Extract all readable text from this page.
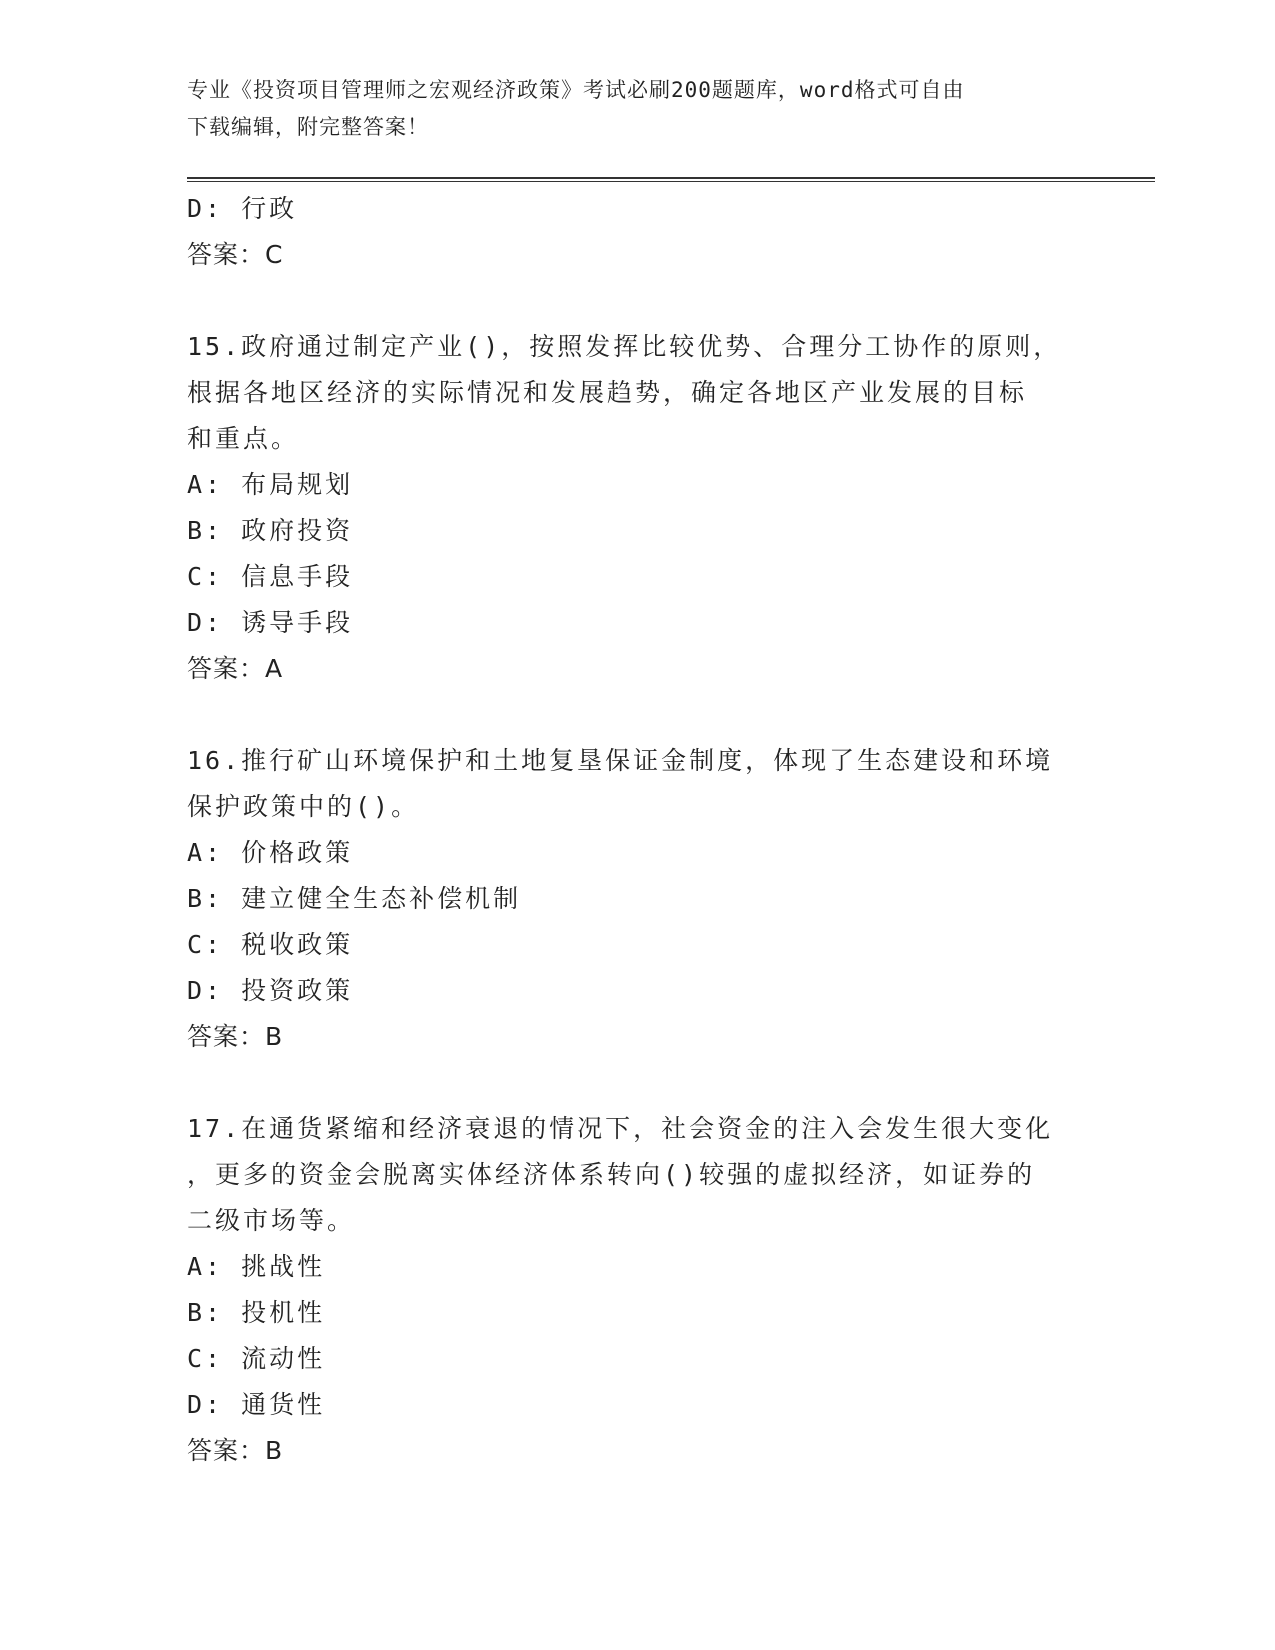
专业《投资项目管理师之宏观经济政策》考试必刷200题题库，word格式可自由
下载编辑，附完整答案！
D: 行政
答案：C
15.政府通过制定产业()，按照发挥比较优势、合理分工协作的原则，
根据各地区经济的实际情况和发展趋势，确定各地区产业发展的目标
和重点。
A: 布局规划
B: 政府投资
C: 信息手段
D: 诱导手段
答案：A
16.推行矿山环境保护和土地复垦保证金制度，体现了生态建设和环境
保护政策中的()。
A: 价格政策
B: 建立健全生态补偿机制
C: 税收政策
D: 投资政策
答案：B
17.在通货紧缩和经济衰退的情况下，社会资金的注入会发生很大变化
，更多的资金会脱离实体经济体系转向()较强的虚拟经济，如证券的
二级市场等。
A: 挑战性
B: 投机性
C: 流动性
D: 通货性
答案：B
